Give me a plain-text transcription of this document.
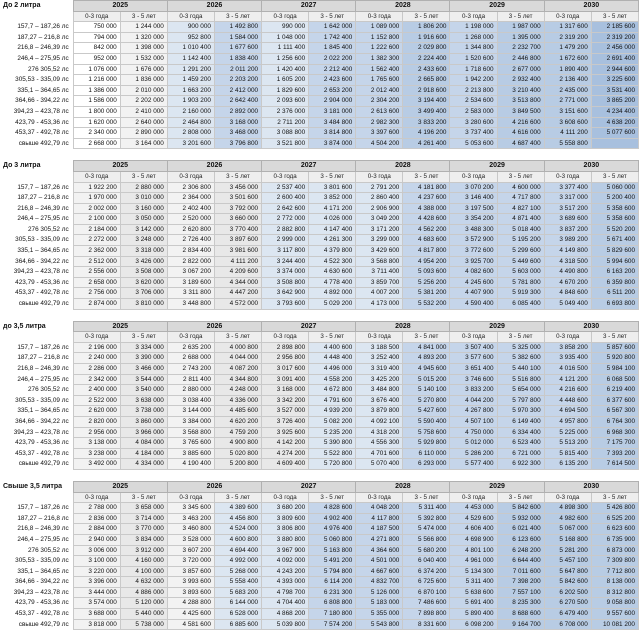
До 2 литра	2025		2026		2027		2028		2029		2030	
	0-3 года	3 - 5 лет	0-3 года	3 - 5 лет	0-3 года	3 - 5 лет	0-3 года	3 - 5 лет	0-3 года	3 - 5 лет	0-3 года	3 - 5 лет
157,7 – 187,26 лс	750 000	1 244 000	900 000	1 492 800	990 000	1 642 000	1 089 000	1 806 200	1 198 000	1 987 000	1 317 600	2 185 600
187,27 – 216,8 лс	794 000	1 320 000	952 800	1 584 000	1 048 000	1 742 400	1 152 800	1 916 600	1 268 000	1 395 000	2 319 200	2 319 200
216,8 – 246,39 лс	842 000	1 398 000	1 010 400	1 677 600	1 111 400	1 845 400	1 222 600	2 029 800	1 344 800	2 232 700	1 479 200	2 456 000
246,4 – 275,95 лс	952 000	1 532 000	1 142 400	1 838 400	1 256 600	2 022 200	1 382 300	2 224 400	1 520 600	2 446 800	1 672 600	2 691 400
276 305,52 лс	1 076 000	1 676 000	1 291 200	2 011 200	1 420 400	2 212 400	1 562 400	2 433 600	1 718 600	2 677 000	1 890 400	2 944 600
305,53 - 335,09 лс	1 216 000	1 836 000	1 459 200	2 203 200	1 605 200	2 423 600	1 765 600	2 665 800	1 942 200	2 932 400	2 136 400	3 225 600
335,1 – 364,65 лс	1 386 000	2 010 000	1 663 200	2 412 000	1 829 600	2 653 200	2 012 400	2 918 600	2 213 800	3 210 400	2 435 000	3 531 400
364,66 - 394,22 лс	1 586 000	2 202 000	1 903 200	2 642 400	2 093 600	2 904 000	2 304 200	3 194 400	2 534 600	3 513 800	2 771 000	3 865 200
394,23 – 423,78 лс	1 800 000	2 410 000	2 160 000	2 892 000	2 376 000	3 181 000	2 613 600	3 499 400	2 583 000	3 849 500	3 151 600	4 234 400
423,79 - 453,36 лс	1 620 000	2 640 000	2 464 800	3 168 000	2 711 200	3 484 800	2 982 300	3 833 200	3 280 600	4 216 600	3 608 600	4 638 200
453,37 - 492,78 лс	2 340 000	2 890 000	2 808 000	3 468 000	3 088 800	3 814 800	3 397 600	4 196 200	3 737 400	4 616 000	4 111 200	5 077 600
свыше 492,79 лс	2 668 000	3 164 000	3 201 600	3 796 800	3 521 800	3 874 000	4 504 200	4 261 400	5 053 600	4 687 400	5 558 800	
До 3 литра	2025		2026		2027		2028		2029		2030	
	0-3 года	3 - 5 лет	0-3 года	3 - 5 лет	0-3 года	3 - 5 лет	0-3 года	3 - 5 лет	0-3 года	3 - 5 лет	0-3 года	3 - 5 лет
157,7 – 187,26 лс	1 922 200	2 880 000	2 306 800	3 456 000	2 537 400	3 801 600	2 791 200	4 181 800	3 070 200	4 600 000	3 377 400	5 060 000
187,27 – 216,8 лс	1 970 000	3 010 000	2 364 000	3 501 600	2 600 400	3 852 000	2 860 400	4 237 600	3 146 400	4 717 800	3 317 000	5 200 400
216,8 – 246,39 лс	2 002 000	3 160 000	2 402 400	3 792 000	2 642 600	4 171 200	2 906 900	4 388 000	3 197 500	4 827 100	3 517 200	5 358 600
246,4 – 275,95 лс	2 100 000	3 050 000	2 520 000	3 660 000	2 772 000	4 026 000	3 049 200	4 428 600	3 354 200	4 871 400	3 689 600	5 358 600
276 305,52 лс	2 184 000	3 142 000	2 620 800	3 770 400	2 882 800	4 147 400	3 171 200	4 562 200	3 488 300	5 018 400	3 837 200	5 520 200
305,53 - 335,09 лс	2 272 000	3 248 000	2 726 400	3 897 600	2 999 000	4 261 300	3 299 000	4 683 600	3 572 900	5 195 200	3 989 200	5 671 400
335,1 – 364,65 лс	2 362 000	3 318 000	2 834 400	3 981 600	3 117 800	4 379 800	3 429 600	4 817 800	3 772 600	5 299 600	4 149 800	5 829 600
364,66 - 394,22 лс	2 512 000	3 426 000	2 822 000	4 111 200	3 244 400	4 522 300	3 568 800	4 954 200	3 925 700	5 449 600	4 318 500	5 994 600
394,23 – 423,78 лс	2 556 000	3 508 000	3 067 200	4 209 600	3 374 000	4 630 600	3 711 400	5 093 600	4 082 600	5 603 000	4 490 800	6 163 200
423,79 - 453,36 лс	2 658 000	3 620 000	3 189 600	4 344 000	3 508 800	4 778 400	3 859 700	5 256 200	4 245 600	5 781 800	4 670 200	6 359 800
453,37 - 492,78 лс	2 756 000	3 706 000	3 311 800	4 447 200	3 642 900	4 892 000	4 007 200	5 381 200	4 407 900	5 919 300	4 848 600	6 511 200
свыше 492,79 лс	2 874 000	3 810 000	3 448 800	4 572 000	3 793 600	5 029 200	4 173 000	5 532 200	4 590 400	6 085 400	5 049 400	6 693 800
до 3,5 литра	2025		2026		2027		2028		2029		2030	
	0-3 года	3 - 5 лет	0-3 года	3 - 5 лет	0-3 года	3 - 5 лет	0-3 года	3 - 5 лет	0-3 года	3 - 5 лет	0-3 года	3 - 5 лет
157,7 – 187,26 лс	2 196 000	3 334 000	2 635 200	4 000 800	2 898 800	4 400 600	3 188 500	4 841 000	3 507 400	5 325 000	3 858 200	5 857 600
187,27 – 216,8 лс	2 240 000	3 390 000	2 688 000	4 044 000	2 956 800	4 448 400	3 252 400	4 893 200	3 577 600	5 382 600	3 935 400	5 920 800
216,8 – 246,39 лс	2 286 000	3 466 000	2 743 200	4 087 200	3 017 600	4 496 000	3 319 400	4 945 600	3 651 400	5 440 100	4 016 500	5 984 100
246,4 – 275,95 лс	2 342 000	3 544 000	2 811 400	4 344 800	3 091 400	4 558 200	3 425 200	5 015 200	3 746 600	5 516 800	4 121 200	6 068 500
276 305,52 лс	2 400 000	3 540 000	2 880 000	4 248 000	3 168 000	4 672 800	3 484 800	5 140 100	3 833 200	5 654 000	4 216 600	6 219 400
305,53 - 335,09 лс	2 522 000	3 638 000	3 038 400	4 336 000	3 342 200	4 791 600	3 676 400	5 270 800	4 044 200	5 797 800	4 448 600	6 377 600
335,1 – 364,65 лс	2 620 000	3 738 000	3 144 000	4 485 600	3 527 000	4 939 200	3 879 800	5 427 600	4 267 800	5 970 300	4 694 500	6 567 300
364,66 - 394,22 лс	2 820 000	3 860 000	3 384 000	4 620 200	3 726 400	5 082 200	4 092 100	5 590 400	4 507 100	6 149 400	4 957 800	6 764 300
394,23 – 423,78 лс	2 956 000	3 966 000	3 568 800	4 759 200	3 925 600	5 235 200	4 318 200	5 758 600	4 750 000	6 334 400	5 225 000	6 968 300
423,79 - 453,36 лс	3 138 000	4 084 000	3 765 600	4 900 800	4 142 200	5 390 800	4 556 300	5 929 800	5 012 000	6 523 400	5 513 200	7 175 700
453,37 - 492,78 лс	3 238 000	4 184 000	3 885 600	5 020 800	4 274 200	5 522 800	4 701 600	6 110 000	5 286 200	6 721 000	5 815 400	7 393 200
свыше 492,79 лс	3 492 000	4 334 000	4 190 400	5 200 800	4 609 400	5 720 800	5 070 400	6 293 000	5 577 400	6 922 300	6 135 200	7 614 500
Свыше 3,5 литра	2025		2026		2027		2028		2029		2030	
	0-3 года	3 - 5 лет	0-3 года	3 - 5 лет	0-3 года	3 - 5 лет	0-3 года	3 - 5 лет	0-3 года	3 - 5 лет	0-3 года	3 - 5 лет
157,7 – 187,26 лс	2 788 000	3 658 000	3 345 600	4 389 600	3 680 200	4 828 600	4 048 200	5 311 400	4 453 000	5 842 600	4 898 300	5 426 800
187,27 – 216,8 лс	2 836 000	3 714 000	3 463 200	4 456 800	3 809 600	4 902 400	4 117 800	5 392 800	4 529 600	5 932 000	4 982 600	6 525 200
216,8 – 246,39 лс	2 884 000	3 770 000	3 460 800	4 524 000	3 806 800	4 976 400	4 187 500	5 474 000	4 606 400	6 021 400	5 067 000	6 623 600
246,4 – 275,95 лс	2 940 000	3 834 000	3 528 000	4 600 800	3 880 800	5 060 800	4 271 800	5 566 800	4 698 900	6 123 600	5 168 800	6 735 900
276 305,52 лс	3 006 000	3 912 000	3 607 200	4 694 400	3 967 900	5 163 800	4 364 600	5 680 200	4 801 100	6 248 200	5 281 200	6 873 000
305,53 - 335,09 лс	3 100 000	4 160 000	3 720 000	4 992 000	4 092 000	5 491 200	4 501 000	6 040 400	4 961 000	6 644 400	5 457 100	7 309 800
335,1 – 364,65 лс	3 220 000	4 100 000	3 857 600	5 268 000	4 243 200	5 794 800	4 667 600	6 374 200	5 134 300	7 011 600	5 647 800	7 712 800
364,66 - 394,22 лс	3 396 000	4 632 000	3 993 600	5 558 400	4 393 000	6 114 200	4 832 700	6 725 600	5 311 400	7 398 200	5 842 600	8 138 000
394,23 – 423,78 лс	3 444 000	4 886 000	3 893 600	5 683 200	4 798 700	6 231 300	5 126 000	6 870 100	5 638 600	7 557 100	6 202 500	8 312 800
423,79 - 453,36 лс	3 574 000	5 120 000	4 288 800	6 144 000	4 704 400	6 808 800	5 183 000	7 486 600	5 691 400	8 235 300	6 270 500	9 058 800
453,37 - 492,78 лс	3 688 000	5 440 000	4 425 600	6 528 000	4 868 200	7 180 800	5 355 000	7 898 800	5 890 400	8 688 600	6 479 400	9 557 600
свыше 492,79 лс	3 818 000	5 738 000	4 581 600	6 885 600	5 039 800	7 574 200	5 543 800	8 331 600	6 098 200	9 164 700	6 708 000	10 081 200
